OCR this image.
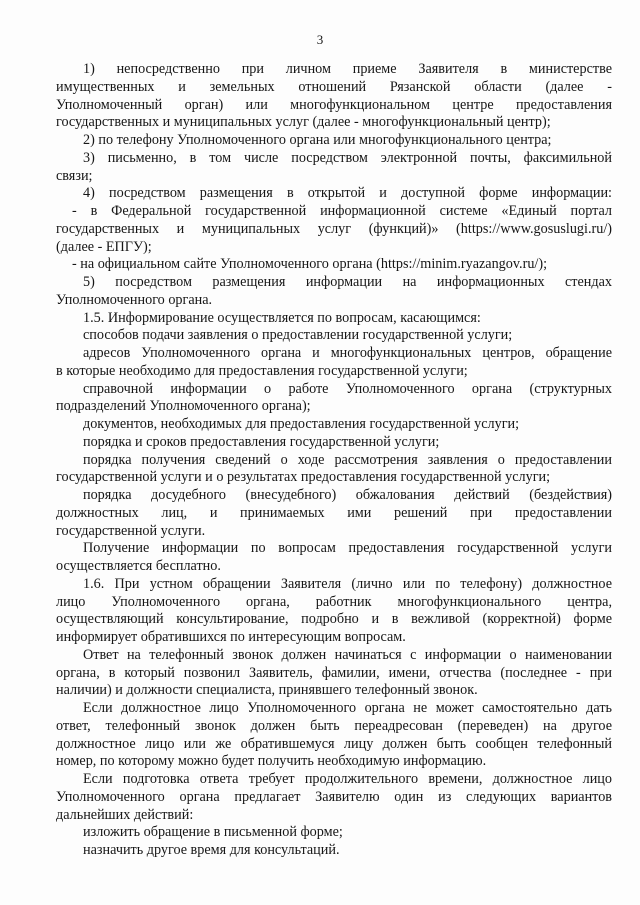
3
1) непосредственно при личном приеме Заявителя в министерстве
имущественных и земельных отношений Рязанской области (далее -
Уполномоченный орган) или многофункциональном центре предоставления
государственных и муниципальных услуг (далее - многофункциональный центр);
2) по телефону Уполномоченного органа или многофункционального центра;
3) письменно, в том числе посредством электронной почты, факсимильной
связи;
4) посредством размещения в открытой и доступной форме информации:
- в Федеральной государственной информационной системе «Единый портал
государственных и муниципальных услуг (функций)» (https://www.gosuslugi.ru/)
(далее - ЕПГУ);
- на официальном сайте Уполномоченного органа (https://minim.ryazangov.ru/);
5) посредством размещения информации на информационных стендах
Уполномоченного органа.
1.5. Информирование осуществляется по вопросам, касающимся:
способов подачи заявления о предоставлении государственной услуги;
адресов Уполномоченного органа и многофункциональных центров, обращение
в которые необходимо для предоставления государственной услуги;
справочной информации о работе Уполномоченного органа (структурных
подразделений Уполномоченного органа);
документов, необходимых для предоставления государственной услуги;
порядка и сроков предоставления государственной услуги;
порядка получения сведений о ходе рассмотрения заявления о предоставлении
государственной услуги и о результатах предоставления государственной услуги;
порядка досудебного (внесудебного) обжалования действий (бездействия)
должностных лиц, и принимаемых ими решений при предоставлении
государственной услуги.
Получение информации по вопросам предоставления государственной услуги
осуществляется бесплатно.
1.6. При устном обращении Заявителя (лично или по телефону) должностное
лицо Уполномоченного органа, работник многофункционального центра,
осуществляющий консультирование, подробно и в вежливой (корректной) форме
информирует обратившихся по интересующим вопросам.
Ответ на телефонный звонок должен начинаться с информации о наименовании
органа, в который позвонил Заявитель, фамилии, имени, отчества (последнее - при
наличии) и должности специалиста, принявшего телефонный звонок.
Если должностное лицо Уполномоченного органа не может самостоятельно дать
ответ, телефонный звонок должен быть переадресован (переведен) на другое
должностное лицо или же обратившемуся лицу должен быть сообщен телефонный
номер, по которому можно будет получить необходимую информацию.
Если подготовка ответа требует продолжительного времени, должностное лицо
Уполномоченного органа предлагает Заявителю один из следующих вариантов
дальнейших действий:
изложить обращение в письменной форме;
назначить другое время для консультаций.
